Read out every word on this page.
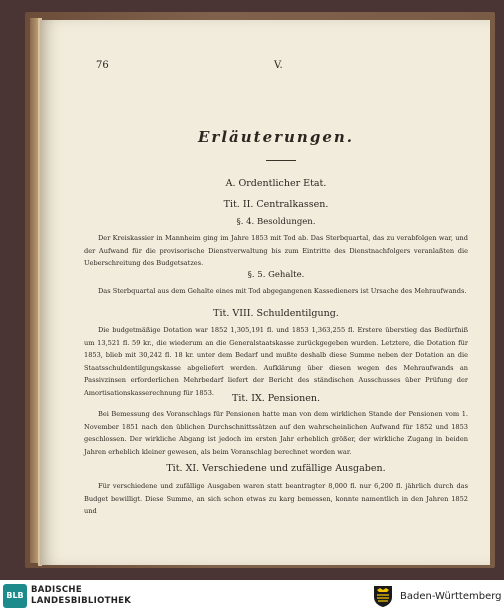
76	V.
Erläuterungen.
A. Ordentlicher Etat.
Tit. II. Centralkassen.
§. 4. Besoldungen.
Der Kreiskassier in Mannheim ging im Jahre 1853 mit Tod ab. Das Sterbquartal, das zu verabfolgen war, und der Aufwand für die provisorische Dienstverwaltung bis zum Eintritte des Dienstnachfolgers veranlaßten die Ueberschreitung des Budgetsatzes.
§. 5. Gehalte.
Das Sterbquartal aus dem Gehalte eines mit Tod abgegangenen Kassedieners ist Ursache des Mehraufwands.
Tit. VIII. Schuldentilgung.
Die budgetmäßige Dotation war 1852 1,305,191 fl. und 1853 1,363,255 fl. Erstere überstieg das Bedürfniß um 13,521 fl. 59 kr., die wiederum an die Generalstaatskasse zurückgegeben wurden. Letztere, die Dotation für 1853, blieb mit 30,242 fl. 18 kr. unter dem Bedarf und mußte deshalb diese Summe neben der Dotation an die Staatsschuldentilgungskasse abgeliefert werden. Aufklärung über diesen wegen des Mehraufwands an Passivzinsen erforderlichen Mehrbedarf liefert der Bericht des ständischen Ausschusses über Prüfung der Amortisationskasserechnung für 1853.
Tit. IX. Pensionen.
Bei Bemessung des Voranschlags für Pensionen hatte man von dem wirklichen Stande der Pensionen vom 1. November 1851 nach den üblichen Durchschnittssätzen auf den wahrscheinlichen Aufwand für 1852 und 1853 geschlossen. Der wirkliche Abgang ist jedoch im ersten Jahr erheblich größer, der wirkliche Zugang in beiden Jahren erheblich kleiner gewesen, als beim Voranschlag berechnet worden war.
Tit. XI. Verschiedene und zufällige Ausgaben.
Für verschiedene und zufällige Ausgaben waren statt beantragter 8,000 fl. nur 6,200 fl. jährlich durch das Budget bewilligt. Diese Summe, an sich schon etwas zu karg bemessen, konnte namentlich in den Jahren 1852 und
BLB
BADISCHE
LANDESBIBLIOTHEK	Baden-Württemberg
